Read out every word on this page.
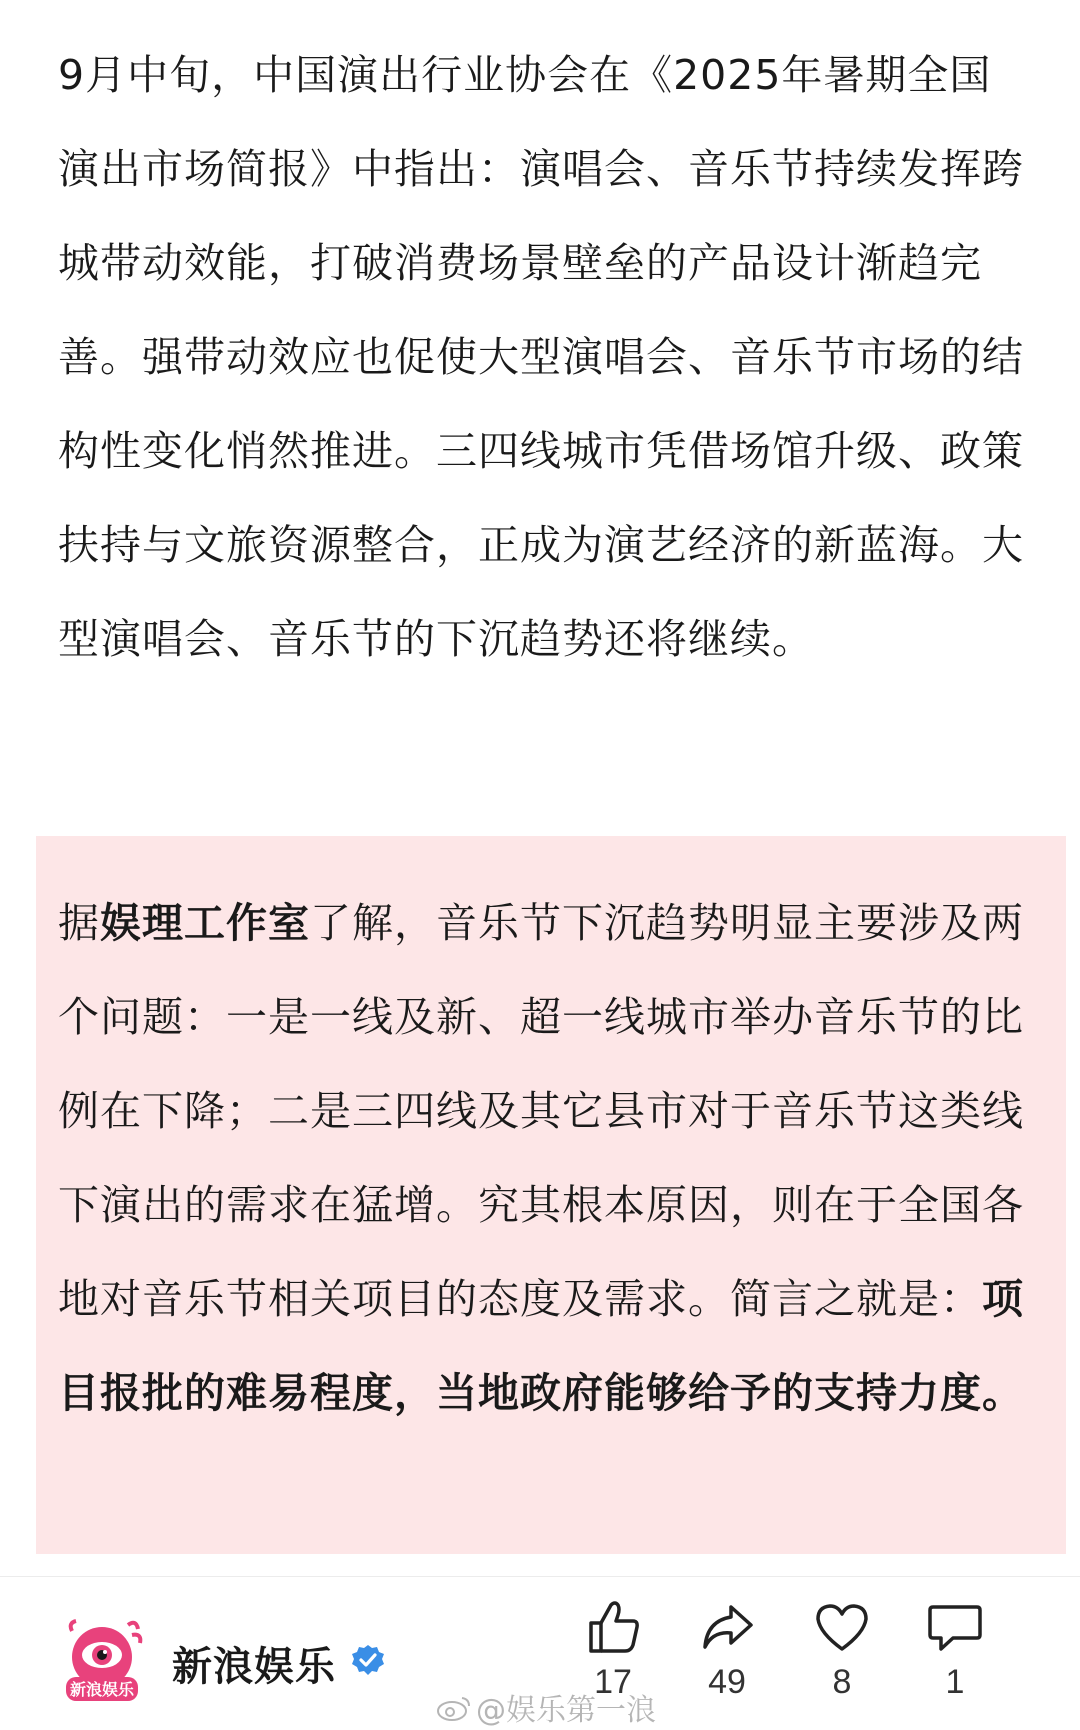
9月中旬，中国演出行业协会在《2025年暑期全国演出市场简报》中指出：演唱会、音乐节持续发挥跨城带动效能，打破消费场景壁垒的产品设计渐趋完善。强带动效应也促使大型演唱会、音乐节市场的结构性变化悄然推进。三四线城市凭借场馆升级、政策扶持与文旅资源整合，正成为演艺经济的新蓝海。大型演唱会、音乐节的下沉趋势还将继续。

据娱理工作室了解，音乐节下沉趋势明显主要涉及两个问题：一是一线及新、超一线城市举办音乐节的比例在下降；二是三四线及其它县市对于音乐节这类线下演出的需求在猛增。究其根本原因，则在于全国各地对音乐节相关项目的态度及需求。简言之就是：项目报批的难易程度，当地政府能够给予的支持力度。

新浪娱乐 新浪娱乐	17	49	8	1
@娱乐第一浪
